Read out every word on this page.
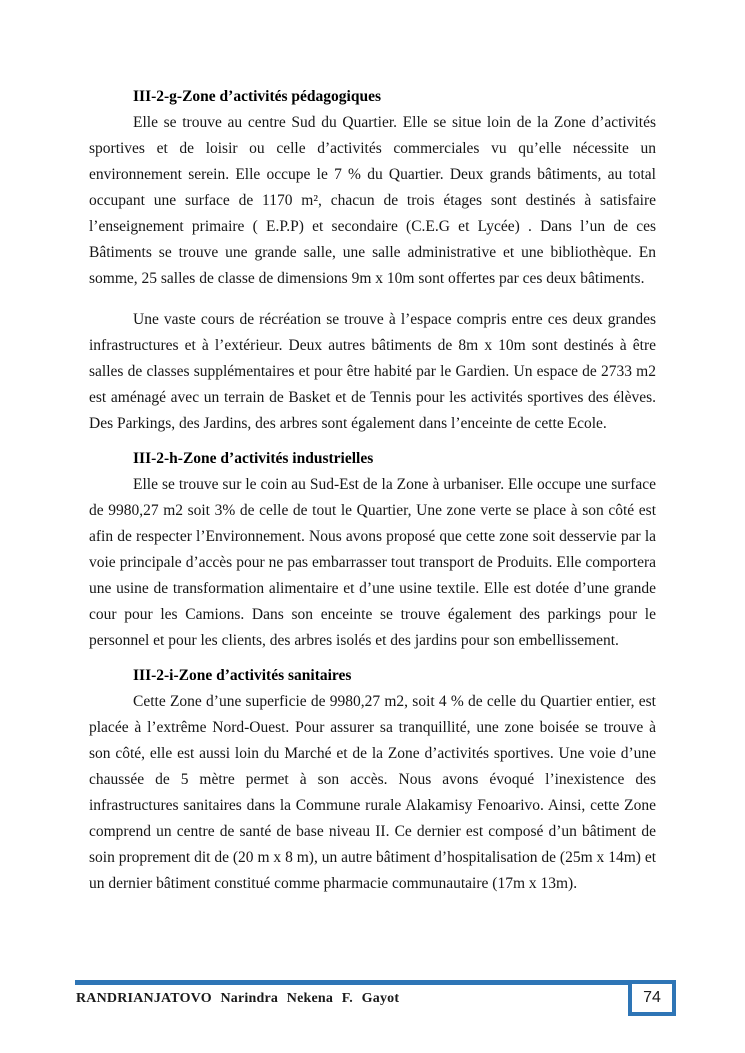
III-2-g-Zone d’activités pédagogiques

Elle se trouve au centre Sud du Quartier. Elle se situe loin de la Zone d’activités sportives et de loisir ou celle d’activités commerciales vu qu’elle nécessite un environnement serein. Elle occupe le 7 % du Quartier. Deux grands bâtiments, au total occupant une surface de 1170 m², chacun de trois étages sont destinés à satisfaire l’enseignement primaire ( E.P.P) et secondaire (C.E.G et Lycée) . Dans l’un de ces Bâtiments se trouve une grande salle, une salle administrative et une bibliothèque. En somme, 25 salles de classe de dimensions 9m x 10m sont offertes par ces deux bâtiments.

Une vaste cours de récréation se trouve à l’espace compris entre ces deux grandes infrastructures et à l’extérieur. Deux autres bâtiments de 8m x 10m sont destinés à être salles de classes supplémentaires et pour être habité par le Gardien. Un espace de 2733 m2 est aménagé avec un terrain de Basket et de Tennis pour les activités sportives des élèves. Des Parkings, des Jardins, des arbres sont également dans l’enceinte de cette Ecole.

III-2-h-Zone d’activités industrielles

Elle se trouve sur le coin au Sud-Est de la Zone à urbaniser. Elle occupe une surface de 9980,27 m2 soit 3% de celle de tout le Quartier, Une zone verte se place à son côté est afin de respecter l’Environnement. Nous avons proposé que cette zone soit desservie par la voie principale d’accès pour ne pas embarrasser tout transport de Produits. Elle comportera une usine de transformation alimentaire et d’une usine textile. Elle est dotée d’une grande cour pour les Camions. Dans son enceinte se trouve également des parkings pour le personnel et pour les clients, des arbres isolés et des jardins pour son embellissement.

III-2-i-Zone d’activités sanitaires

Cette Zone d’une superficie de 9980,27 m2, soit 4 % de celle du Quartier entier, est placée à l’extrême Nord-Ouest. Pour assurer sa tranquillité, une zone boisée se trouve à son côté, elle est aussi loin du Marché et de la Zone d’activités sportives. Une voie d’une chaussée de 5 mètre permet à son accès. Nous avons évoqué l’inexistence des infrastructures sanitaires dans la Commune rurale Alakamisy Fenoarivo. Ainsi, cette Zone comprend un centre de santé de base niveau II. Ce dernier est composé d’un bâtiment de soin proprement dit de (20 m x 8 m), un autre bâtiment d’hospitalisation de (25m x 14m) et un dernier bâtiment constitué comme pharmacie communautaire (17m x 13m).

RANDRIANJATOVO Narindra Nekena F. Gayot	74
